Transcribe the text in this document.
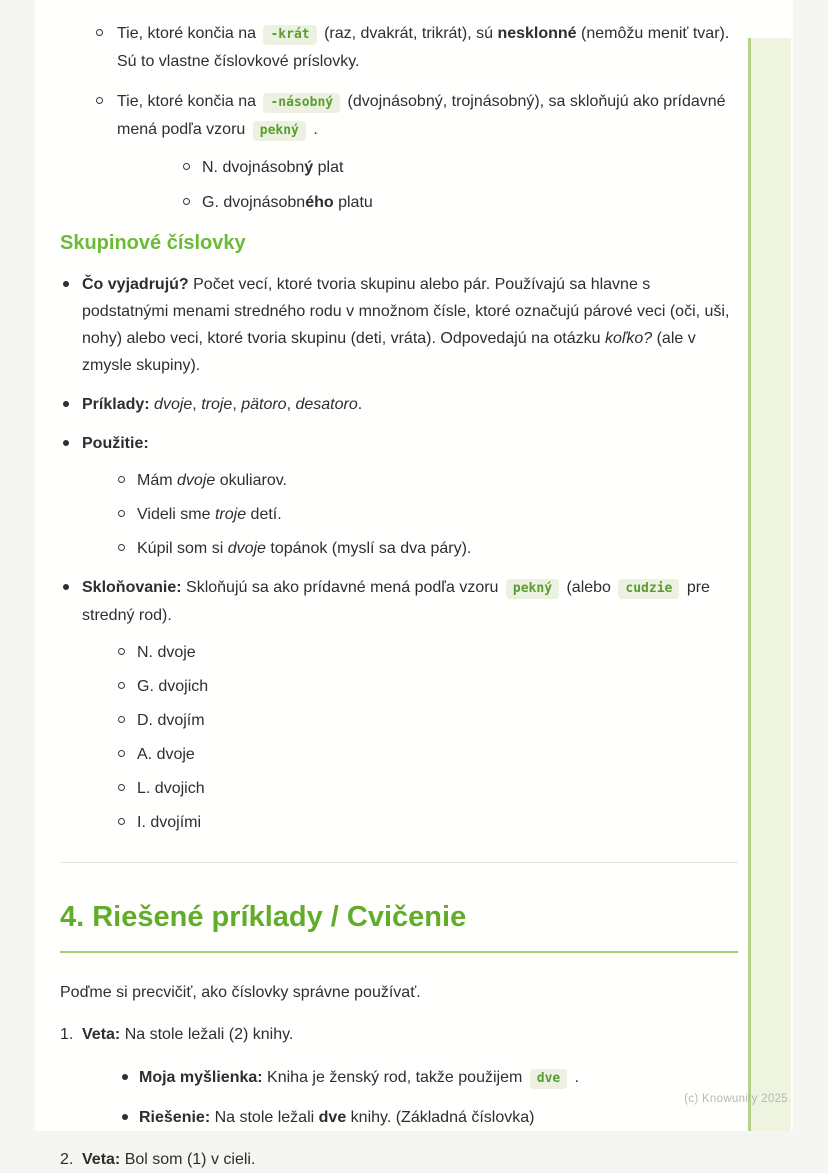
Tie, ktoré končia na -krát (raz, dvakrát, trikrát), sú nesklonné (nemôžu meniť tvar). Sú to vlastne číslovkové príslovky.
Tie, ktoré končia na -násobný (dvojnásobný, trojnásobný), sa skloňujú ako prídavné mená podľa vzoru pekný .
N. dvojnásobný plat
G. dvojnásobného platu
Skupinové číslovky
Čo vyjadrujú? Počet vecí, ktoré tvoria skupinu alebo pár. Používajú sa hlavne s podstatnými menami stredného rodu v množnom čísle, ktoré označujú párové veci (oči, uši, nohy) alebo veci, ktoré tvoria skupinu (deti, vráta). Odpovedajú na otázku koľko? (ale v zmysle skupiny).
Príklady: dvoje, troje, pätoro, desatoro.
Použitie:
Mám dvoje okuliarov.
Videli sme troje detí.
Kúpil som si dvoje topánok (myslí sa dva páry).
Skloňovanie: Skloňujú sa ako prídavné mená podľa vzoru pekný (alebo cudzie pre stredný rod).
N. dvoje
G. dvojich
D. dvojím
A. dvoje
L. dvojich
I. dvojími
4. Riešené príklady / Cvičenie

Poďme si precvičiť, ako číslovky správne používať.

1. Veta: Na stole ležali (2) knihy.
Moja myšlienka: Kniha je ženský rod, takže použijem dve .
Riešenie: Na stole ležali dve knihy. (Základná číslovka)
2. Veta: Bol som (1) v cieli.
(c) Knowunity 2025
